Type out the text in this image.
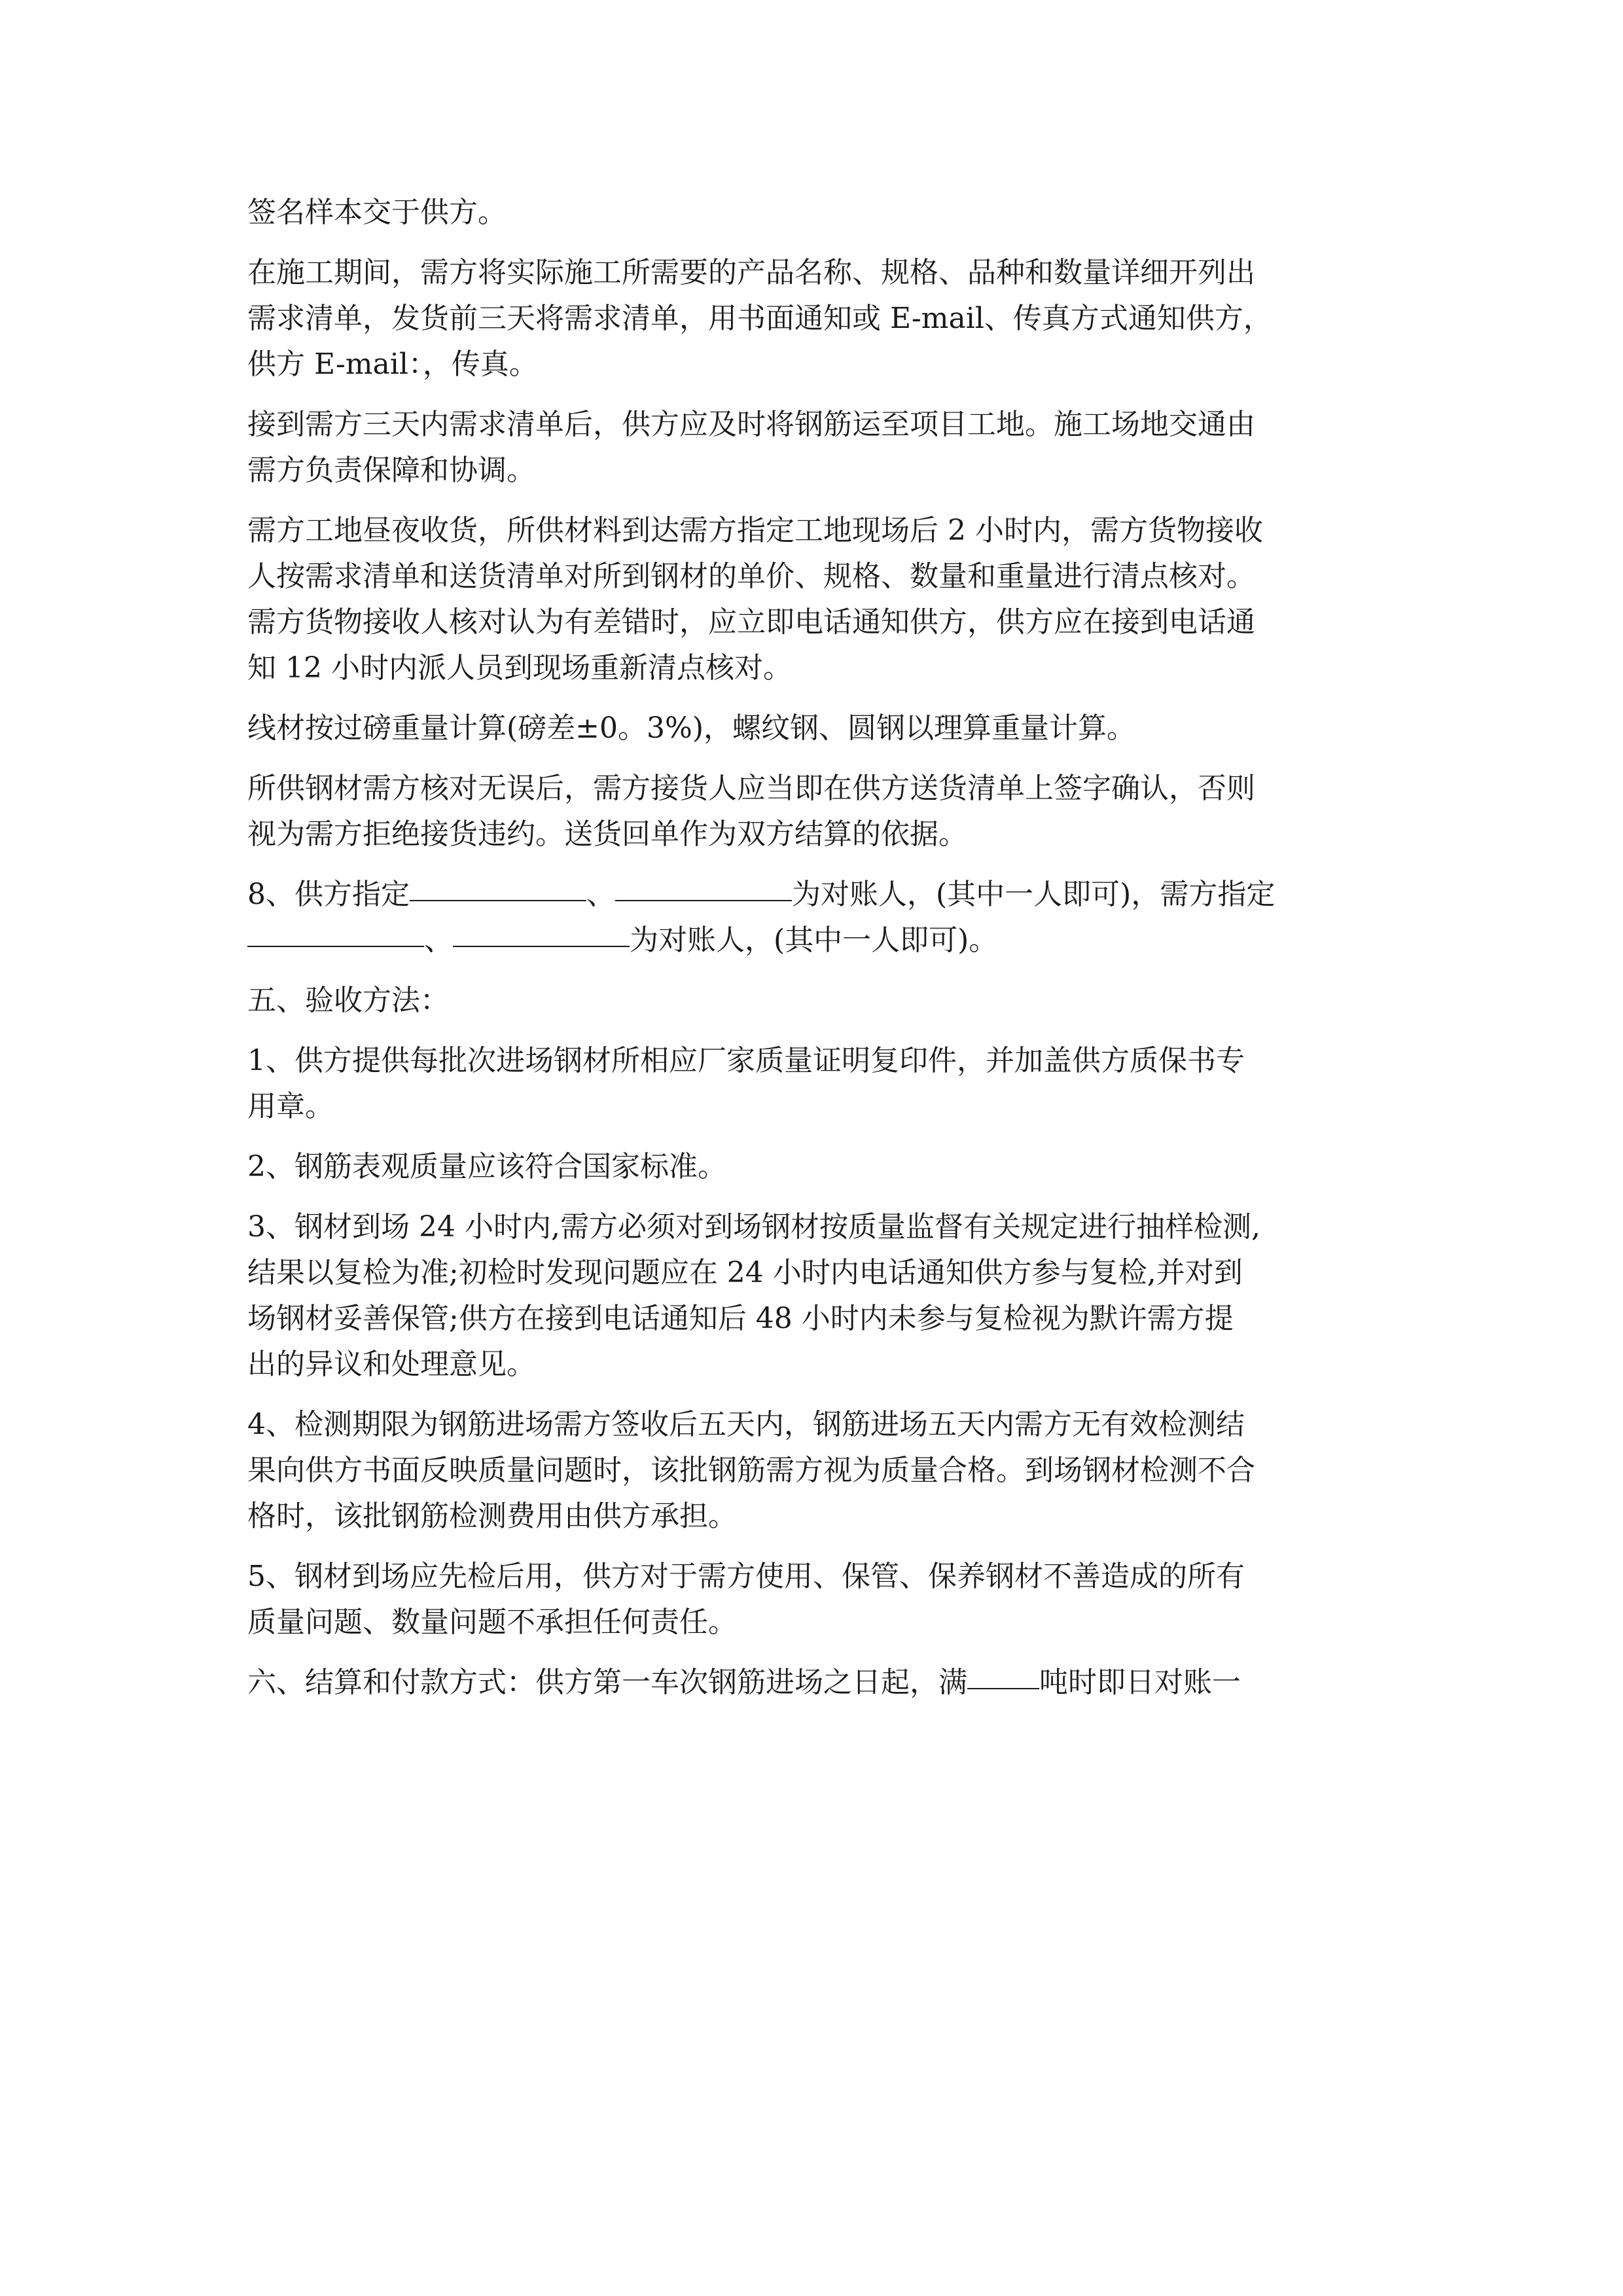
签名样本交于供方。

在施工期间，需方将实际施工所需要的产品名称、规格、品种和数量详细开列出

需求清单，发货前三天将需求清单，用书面通知或 E-mail、传真方式通知供方，

供方 E-mail：，传真。

接到需方三天内需求清单后，供方应及时将钢筋运至项目工地。施工场地交通由

需方负责保障和协调。

需方工地昼夜收货，所供材料到达需方指定工地现场后 2 小时内，需方货物接收

人按需求清单和送货清单对所到钢材的单价、规格、数量和重量进行清点核对。

需方货物接收人核对认为有差错时，应立即电话通知供方，供方应在接到电话通

知 12 小时内派人员到现场重新清点核对。

线材按过磅重量计算(磅差±0。3%)，螺纹钢、圆钢以理算重量计算。

所供钢材需方核对无误后，需方接货人应当即在供方送货清单上签字确认，否则

视为需方拒绝接货违约。送货回单作为双方结算的依据。

8、供方指定	、	为对账人，(其中一人即可)，需方指定

、	为对账人，(其中一人即可)。

五、验收方法：

1、供方提供每批次进场钢材所相应厂家质量证明复印件，并加盖供方质保书专

用章。

2、钢筋表观质量应该符合国家标准。

3、钢材到场 24 小时内,需方必须对到场钢材按质量监督有关规定进行抽样检测,

结果以复检为准;初检时发现问题应在 24 小时内电话通知供方参与复检,并对到

场钢材妥善保管;供方在接到电话通知后 48 小时内未参与复检视为默许需方提

出的异议和处理意见。

4、检测期限为钢筋进场需方签收后五天内，钢筋进场五天内需方无有效检测结

果向供方书面反映质量问题时，该批钢筋需方视为质量合格。到场钢材检测不合

格时，该批钢筋检测费用由供方承担。

5、钢材到场应先检后用，供方对于需方使用、保管、保养钢材不善造成的所有

质量问题、数量问题不承担任何责任。

六、结算和付款方式：供方第一车次钢筋进场之日起，满	吨时即日对账一
